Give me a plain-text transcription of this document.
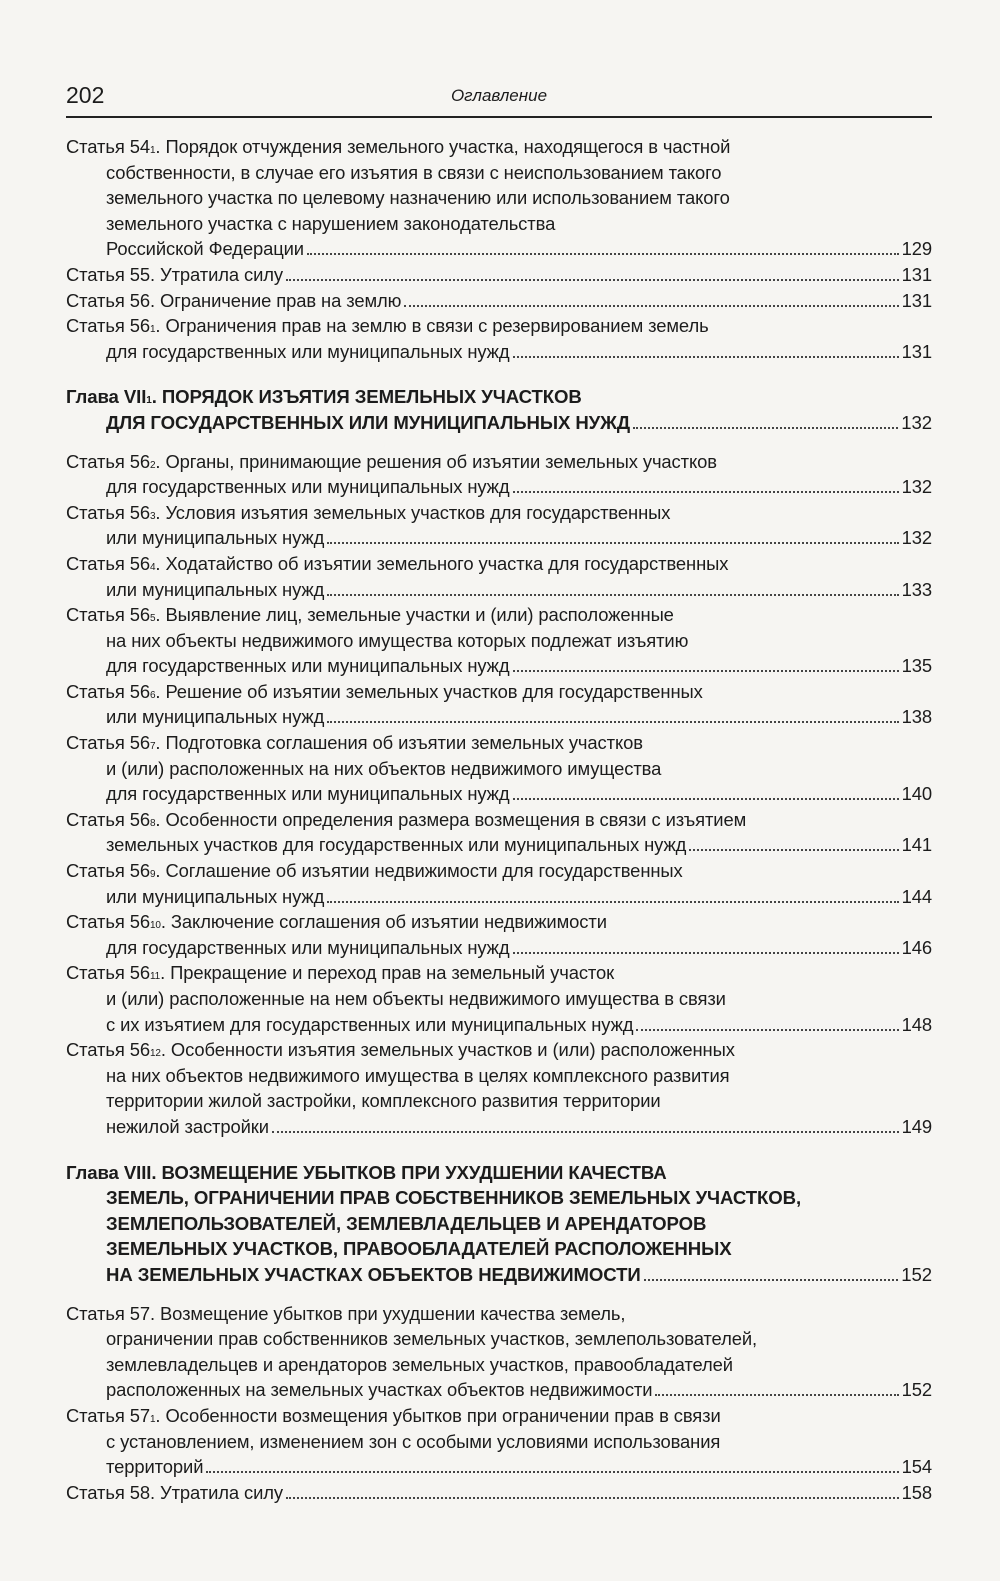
202	Оглавление
Статья 54 1 . Порядок отчуждения земельного участка, находящегося в частной
собственности, в случае его изъятия в связи с неиспользованием такого
земельного участка по целевому назначению или использованием такого
земельного участка с нарушением законодательства
Российской Федерации	129
Статья 55 . Утратила силу	131
Статья 56 . Ограничение прав на землю	131
Статья 56 1 . Ограничения прав на землю в связи с резервированием земель
для государственных или муниципальных нужд	131
Глава VII 1 . ПОРЯДОК ИЗЪЯТИЯ ЗЕМЕЛЬНЫХ УЧАСТКОВ
ДЛЯ ГОСУДАРСТВЕННЫХ ИЛИ МУНИЦИПАЛЬНЫХ НУЖД	132
Статья 56 2 . Органы, принимающие решения об изъятии земельных участков
для государственных или муниципальных нужд	132
Статья 56 3 . Условия изъятия земельных участков для государственных
или муниципальных нужд	132
Статья 56 4 . Ходатайство об изъятии земельного участка для государственных
или муниципальных нужд	133
Статья 56 5 . Выявление лиц, земельные участки и (или) расположенные
на них объекты недвижимого имущества которых подлежат изъятию
для государственных или муниципальных нужд	135
Статья 56 6 . Решение об изъятии земельных участков для государственных
или муниципальных нужд	138
Статья 56 7 . Подготовка соглашения об изъятии земельных участков
и (или) расположенных на них объектов недвижимого имущества
для государственных или муниципальных нужд	140
Статья 56 8 . Особенности определения размера возмещения в связи с изъятием
земельных участков для государственных или муниципальных нужд	141
Статья 56 9 . Соглашение об изъятии недвижимости для государственных
или муниципальных нужд	144
Статья 56 10 . Заключение соглашения об изъятии недвижимости
для государственных или муниципальных нужд	146
Статья 56 11 . Прекращение и переход прав на земельный участок
и (или) расположенные на нем объекты недвижимого имущества в связи
с их изъятием для государственных или муниципальных нужд	148
Статья 56 12 . Особенности изъятия земельных участков и (или) расположенных
на них объектов недвижимого имущества в целях комплексного развития
территории жилой застройки, комплексного развития территории
нежилой застройки	149
Глава VIII . ВОЗМЕЩЕНИЕ УБЫТКОВ ПРИ УХУДШЕНИИ КАЧЕСТВА
ЗЕМЕЛЬ, ОГРАНИЧЕНИИ ПРАВ СОБСТВЕННИКОВ ЗЕМЕЛЬНЫХ УЧАСТКОВ,
ЗЕМЛЕПОЛЬЗОВАТЕЛЕЙ, ЗЕМЛЕВЛАДЕЛЬЦЕВ И АРЕНДАТОРОВ
ЗЕМЕЛЬНЫХ УЧАСТКОВ, ПРАВООБЛАДАТЕЛЕЙ РАСПОЛОЖЕННЫХ
НА ЗЕМЕЛЬНЫХ УЧАСТКАХ ОБЪЕКТОВ НЕДВИЖИМОСТИ	152
Статья 57 . Возмещение убытков при ухудшении качества земель,
ограничении прав собственников земельных участков, землепользователей,
землевладельцев и арендаторов земельных участков, правообладателей
расположенных на земельных участках объектов недвижимости	152
Статья 57 1 . Особенности возмещения убытков при ограничении прав в связи
с установлением, изменением зон с особыми условиями использования
территорий	154
Статья 58 . Утратила силу	158
